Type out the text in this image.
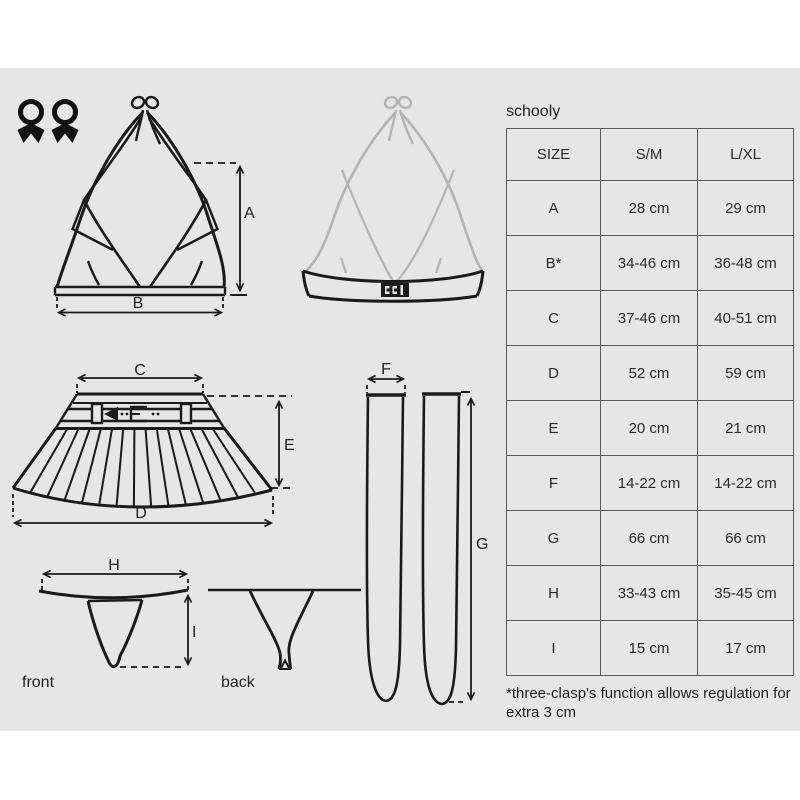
A
B
C
D
E
F
G
H
I
front	back
schooly
SIZE	S/M	L/XL
A	28 cm	29 cm
B*	34-46 cm	36-48 cm
C	37-46 cm	40-51 cm
D	52 cm	59 cm
E	20 cm	21 cm
F	14-22 cm	14-22 cm
G	66 cm	66 cm
H	33-43 cm	35-45 cm
I	15 cm	17 cm
*three-clasp's function allows regulation for extra 3 cm
